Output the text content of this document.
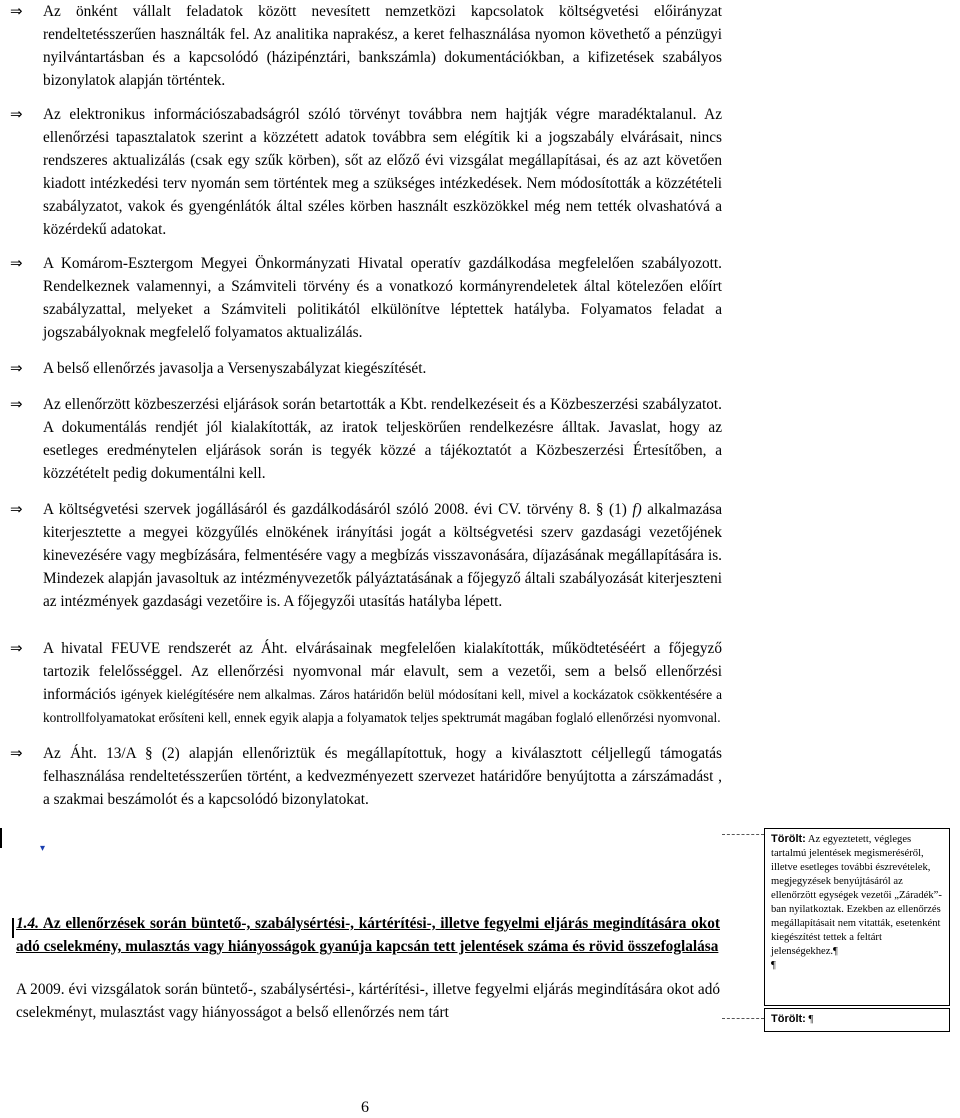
⇒	Az önként vállalt feladatok között nevesített nemzetközi kapcsolatok költségvetési előirányzat rendeltetésszerűen használták fel. Az analitika naprakész, a keret felhasználása nyomon követhető a pénzügyi nyilvántartásban és a kapcsolódó (házipénztári, bankszámla) dokumentációkban, a kifizetések szabályos bizonylatok alapján történtek.
⇒	Az elektronikus információszabadságról szóló törvényt továbbra nem hajtják végre maradéktalanul. Az ellenőrzési tapasztalatok szerint a közzétett adatok továbbra sem elégítik ki a jogszabály elvárásait, nincs rendszeres aktualizálás (csak egy szűk körben), sőt az előző évi vizsgálat megállapításai, és az azt követően kiadott intézkedési terv nyomán sem történtek meg a szükséges intézkedések. Nem módosították a közzétételi szabályzatot, vakok és gyengénlátók által széles körben használt eszközökkel még nem tették olvashatóvá a közérdekű adatokat.
⇒	A Komárom-Esztergom Megyei Önkormányzati Hivatal operatív gazdálkodása megfelelően szabályozott. Rendelkeznek valamennyi, a Számviteli törvény és a vonatkozó kormányrendeletek által kötelezően előírt szabályzattal, melyeket a Számviteli politikától elkülönítve léptettek hatályba. Folyamatos feladat a jogszabályoknak megfelelő folyamatos aktualizálás.
⇒	A belső ellenőrzés javasolja a Versenyszabályzat kiegészítését.
⇒	Az ellenőrzött közbeszerzési eljárások során betartották a Kbt. rendelkezéseit és a Közbeszerzési szabályzatot. A dokumentálás rendjét jól kialakították, az iratok teljeskörűen rendelkezésre álltak. Javaslat, hogy az esetleges eredménytelen eljárások során is tegyék közzé a tájékoztatót a Közbeszerzési Értesítőben, a közzétételt pedig dokumentálni kell.
⇒	A költségvetési szervek jogállásáról és gazdálkodásáról szóló 2008. évi CV. törvény 8. § (1) f) alkalmazása kiterjesztette a megyei közgyűlés elnökének irányítási jogát a költségvetési szerv gazdasági vezetőjének kinevezésére vagy megbízására, felmentésére vagy a megbízás visszavonására, díjazásának megállapítására is. Mindezek alapján javasoltuk az intézményvezetők pályáztatásának a főjegyző általi szabályozását kiterjeszteni az intézmények gazdasági vezetőire is. A főjegyzői utasítás hatályba lépett.
⇒	A hivatal FEUVE rendszerét az Áht. elvárásainak megfelelően kialakították, működtetéséért a főjegyző tartozik felelősséggel. Az ellenőrzési nyomvonal már elavult, sem a vezetői, sem a belső ellenőrzési információs igények kielégítésére nem alkalmas. Záros határidőn belül módosítani kell, mivel a kockázatok csökkentésére a kontrollfolyamatokat erősíteni kell, ennek egyik alapja a folyamatok teljes spektrumát magában foglaló ellenőrzési nyomvonal.
⇒	Az Áht. 13/A § (2) alapján ellenőriztük és megállapítottuk, hogy a kiválasztott céljellegű támogatás felhasználása rendeltetésszerűen történt, a kedvezményezett szervezet határidőre benyújtotta a zárszámadást , a szakmai beszámolót és a kapcsolódó bizonylatokat.
▾
1.4. Az ellenőrzések során büntető-, szabálysértési-, kártérítési-, illetve fegyelmi eljárás megindítására okot adó cselekmény, mulasztás vagy hiányosságok gyanúja kapcsán tett jelentések száma és rövid összefoglalása
A 2009. évi vizsgálatok során büntető-, szabálysértési-, kártérítési-, illetve fegyelmi eljárás megindítására okot adó cselekményt, mulasztást vagy hiányosságot a belső ellenőrzés nem tárt
Törölt: Az egyeztetett, végleges tartalmú jelentések megismeréséről, illetve esetleges további észrevételek, megjegyzések benyújtásáról az ellenőrzött egységek vezetői „Záradék”-ban nyilatkoztak. Ezekben az ellenőrzés megállapításait nem vitatták, esetenként kiegészítést tettek a feltárt jelenségekhez.¶
¶
Törölt: ¶
6
